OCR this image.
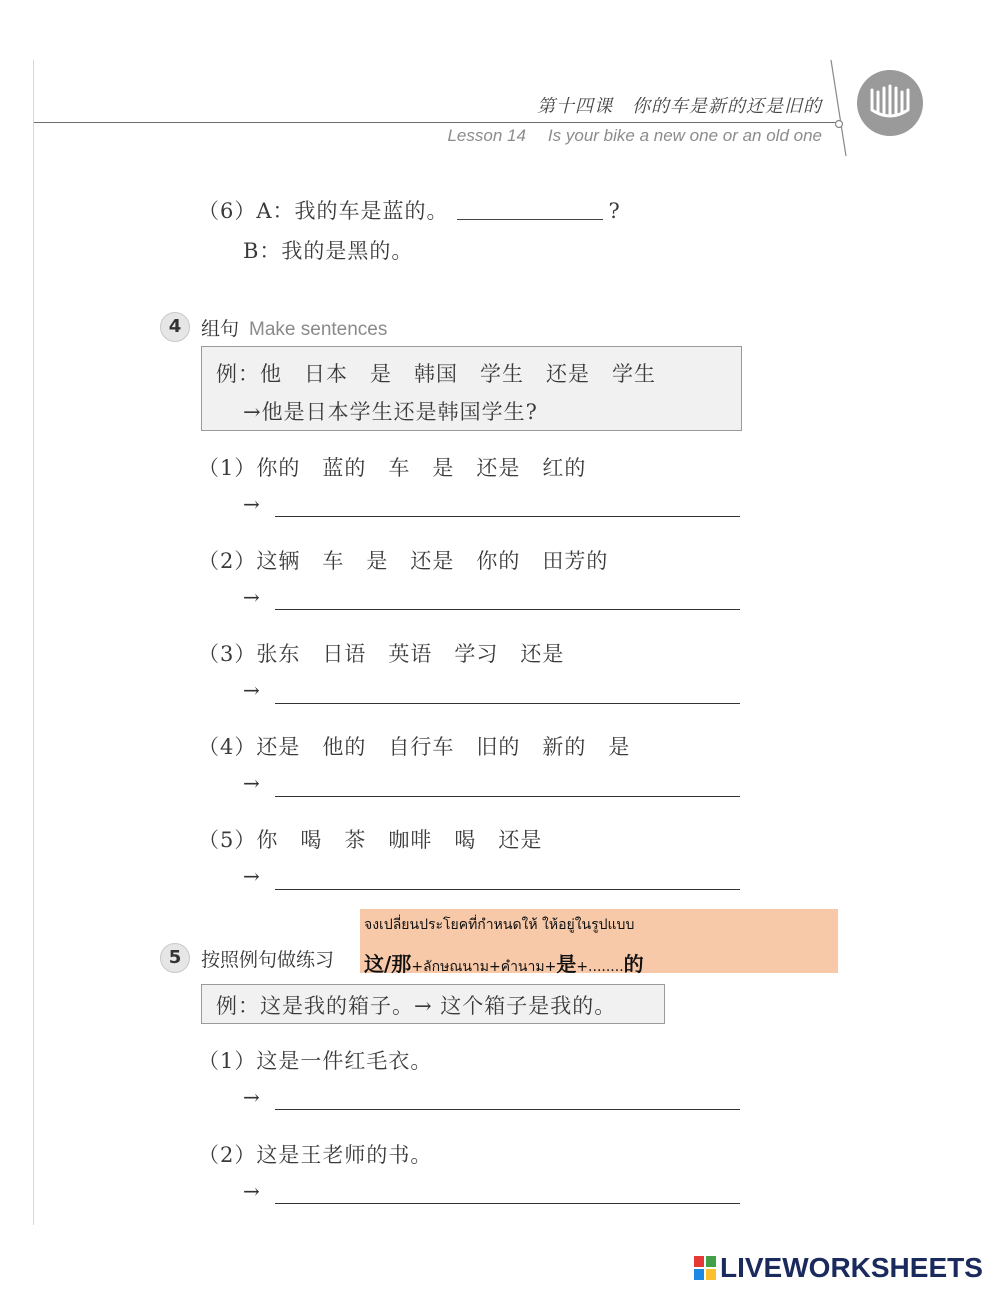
第十四课　你的车是新的还是旧的
Lesson 14 Is your bike a new one or an old one
（6）A：我的车是蓝的。	?
B：我的是黑的。
4	组句 Make sentences
例：他　日本　是　韩国　学生　还是　学生
→他是日本学生还是韩国学生?
（1）你的　蓝的　车　是　还是　红的
→
（2）这辆　车　是　还是　你的　田芳的
→
（3）张东　日语　英语　学习　还是
→
（4）还是　他的　自行车　旧的　新的　是
→
（5）你　喝　茶　咖啡　喝　还是
→
จงเปลี่ยนประโยคที่กำหนดให้ ให้อยู่ในรูปแบบ
这/那+ลักษณนาม+คำนาม+是+........的
5	按照例句做练习
例：这是我的箱子。→ 这个箱子是我的。
（1）这是一件红毛衣。
→
（2）这是王老师的书。
→
LIVEWORKSHEETS
